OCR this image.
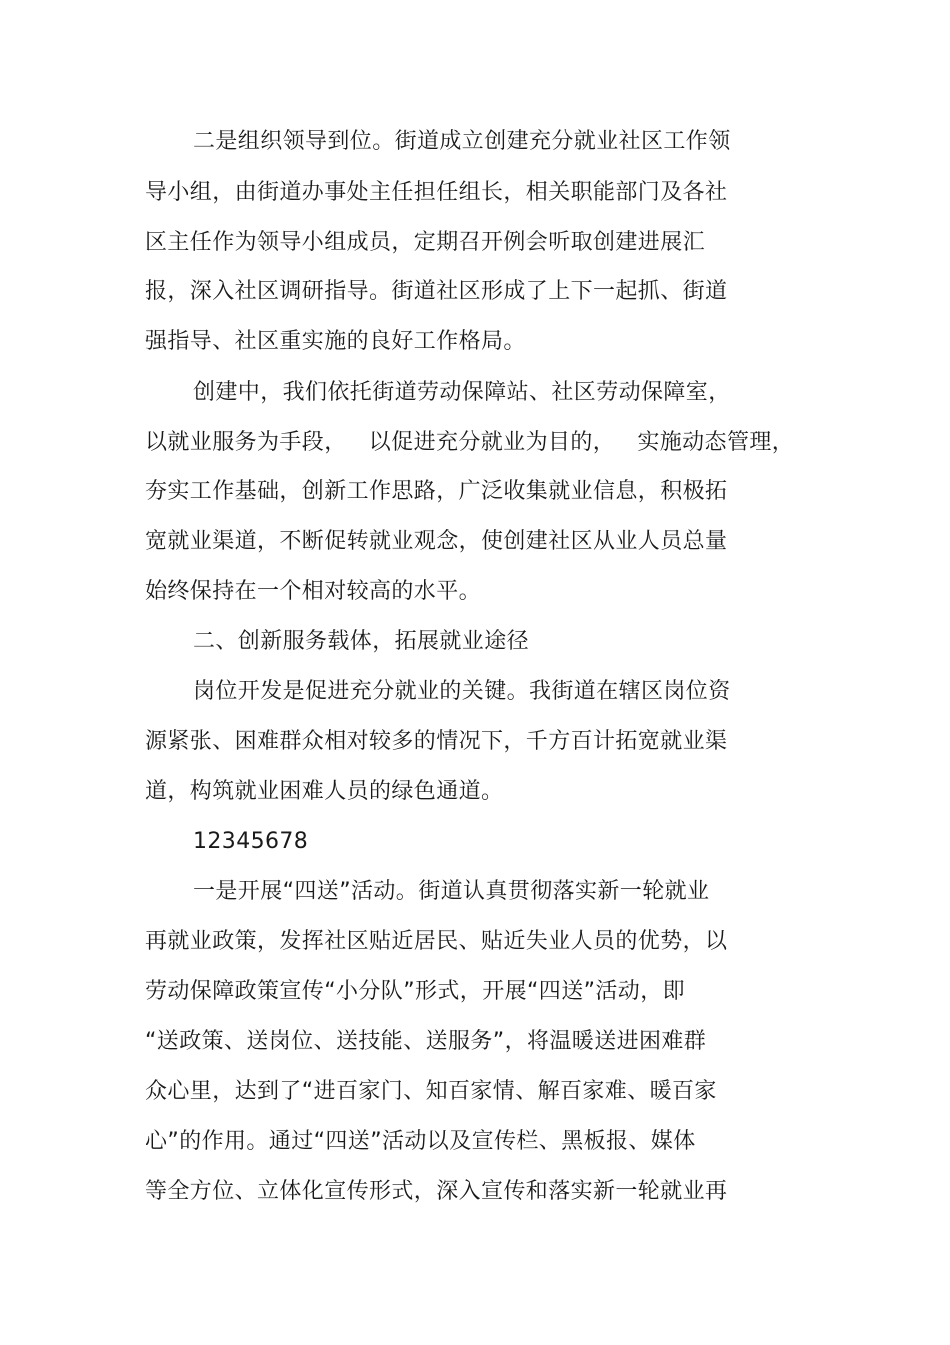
二是组织领导到位。街道成立创建充分就业社区工作领
导小组，由街道办事处主任担任组长，相关职能部门及各社
区主任作为领导小组成员，定期召开例会听取创建进展汇
报，深入社区调研指导。街道社区形成了上下一起抓、街道
强指导、社区重实施的良好工作格局。
创建中，我们依托街道劳动保障站、社区劳动保障室，
以就业服务为手段，   以促进充分就业为目的，   实施动态管理，
夯实工作基础，创新工作思路，广泛收集就业信息，积极拓
宽就业渠道，不断促转就业观念，使创建社区从业人员总量
始终保持在一个相对较高的水平。
二、创新服务载体，拓展就业途径
岗位开发是促进充分就业的关键。我街道在辖区岗位资
源紧张、困难群众相对较多的情况下，千方百计拓宽就业渠
道，构筑就业困难人员的绿色通道。
12345678
一是开展“四送”活动。街道认真贯彻落实新一轮就业
再就业政策，发挥社区贴近居民、贴近失业人员的优势，以
劳动保障政策宣传“小分队”形式，开展“四送”活动，即
“送政策、送岗位、送技能、送服务”，将温暖送进困难群
众心里，达到了“进百家门、知百家情、解百家难、暖百家
心”的作用。通过“四送”活动以及宣传栏、黑板报、媒体
等全方位、立体化宣传形式，深入宣传和落实新一轮就业再
